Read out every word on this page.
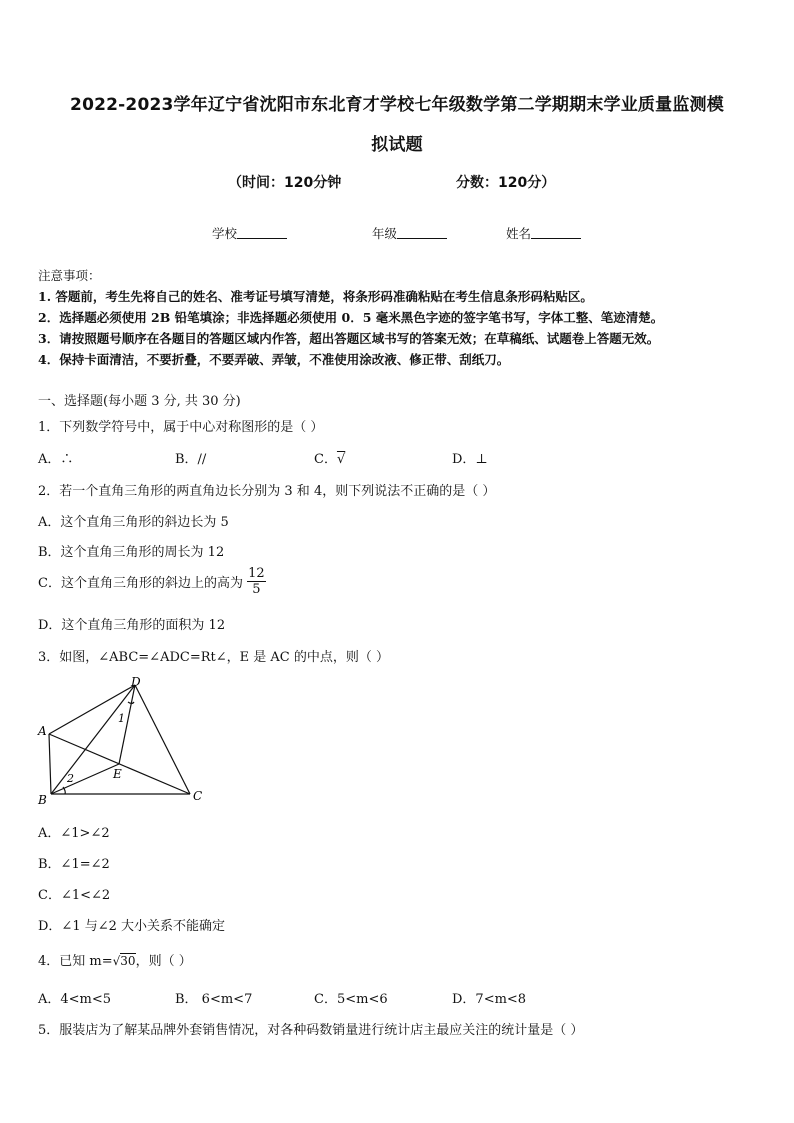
2022-2023学年辽宁省沈阳市东北育才学校七年级数学第二学期期末学业质量监测模
拟试题
（时间：120分钟	分数：120分）
学校	年级	姓名
注意事项：
1. 答题前，考生先将自己的姓名、准考证号填写清楚，将条形码准确粘贴在考生信息条形码粘贴区。
2．选择题必须使用 2B 铅笔填涂；非选择题必须使用 0．5 毫米黑色字迹的签字笔书写，字体工整、笔迹清楚。
3．请按照题号顺序在各题目的答题区域内作答，超出答题区域书写的答案无效；在草稿纸、试题卷上答题无效。
4．保持卡面清洁，不要折叠，不要弄破、弄皱，不准使用涂改液、修正带、刮纸刀。
一、选择题(每小题 3 分, 共 30 分)
1．下列数学符号中，属于中心对称图形的是（ ）
A．∴	B．//	C．√	D．⊥
2．若一个直角三角形的两直角边长分别为 3 和 4，则下列说法不正确的是（ ）
A．这个直角三角形的斜边长为 5
B．这个直角三角形的周长为 12
C．这个直角三角形的斜边上的高为 $\frac{12}{5}$
D．这个直角三角形的面积为 12
3．如图，∠ABC=∠ADC=Rt∠，E 是 AC 的中点，则（ ）
D
A
B	C
E
1
2
A．∠1>∠2
B．∠1=∠2
C．∠1<∠2
D．∠1 与∠2 大小关系不能确定
4．已知 m=√30，则（ ）
A．4<m<5	B． 6<m<7	C．5<m<6	D．7<m<8
5．服装店为了解某品牌外套销售情况，对各种码数销量进行统计店主最应关注的统计量是（ ）
